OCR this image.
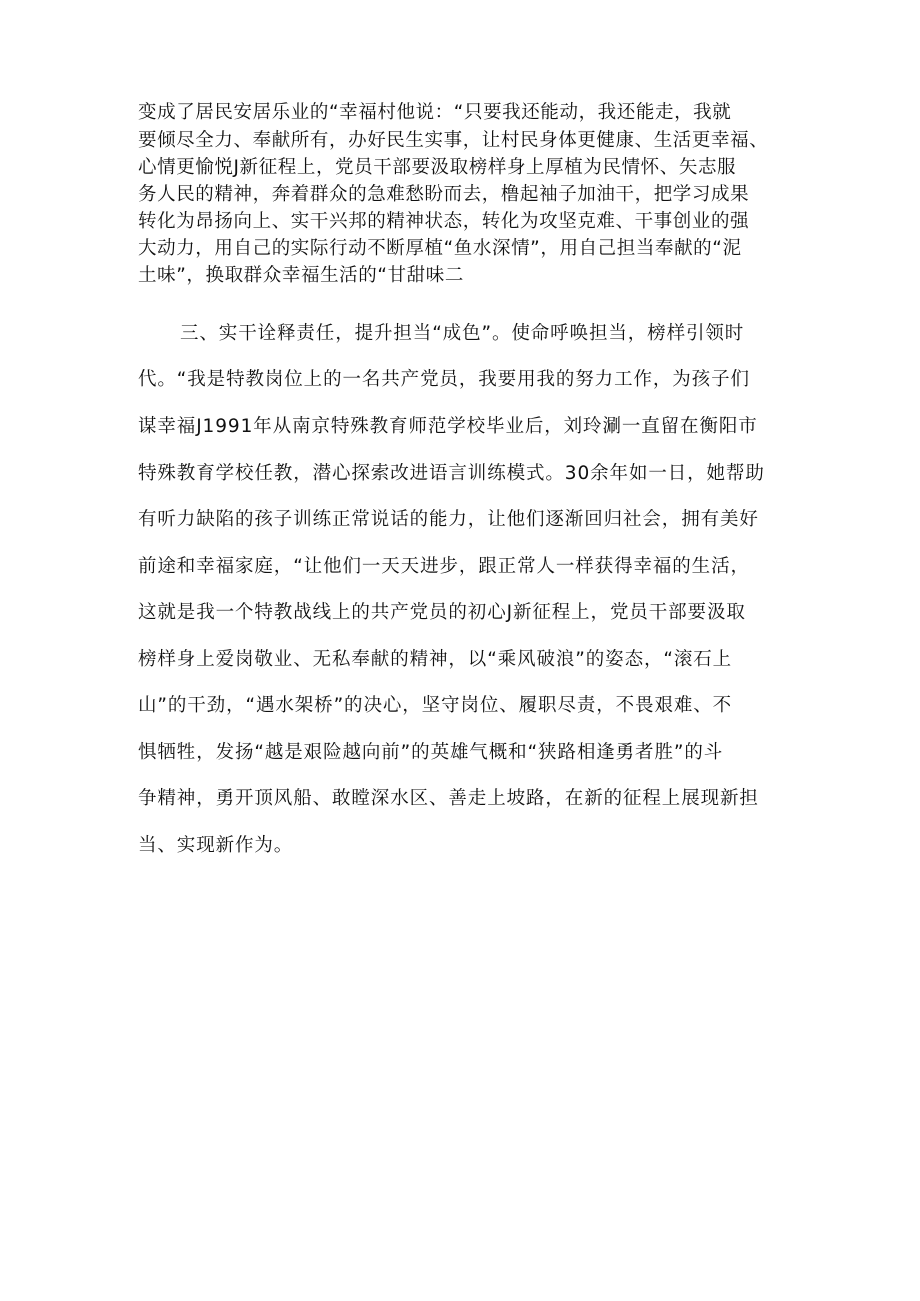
变成了居民安居乐业的“幸福村他说：“只要我还能动，我还能走，我就
要倾尽全力、奉献所有，办好民生实事，让村民身体更健康、生活更幸福、
心情更愉悦J新征程上，党员干部要汲取榜样身上厚植为民情怀、矢志服
务人民的精神，奔着群众的急难愁盼而去，橹起袖子加油干，把学习成果
转化为昂扬向上、实干兴邦的精神状态，转化为攻坚克难、干事创业的强
大动力，用自己的实际行动不断厚植“鱼水深情”，用自己担当奉献的“泥
土味”，换取群众幸福生活的“甘甜味二
三、实干诠释责任，提升担当“成色”。使命呼唤担当，榜样引领时
代。“我是特教岗位上的一名共产党员，我要用我的努力工作，为孩子们
谋幸福J1991年从南京特殊教育师范学校毕业后，刘玲涮一直留在衡阳市
特殊教育学校任教，潜心探索改进语言训练模式。30余年如一日，她帮助
有听力缺陷的孩子训练正常说话的能力，让他们逐渐回归社会，拥有美好
前途和幸福家庭，“让他们一天天进步，跟正常人一样获得幸福的生活，
这就是我一个特教战线上的共产党员的初心J新征程上，党员干部要汲取
榜样身上爱岗敬业、无私奉献的精神，以“乘风破浪”的姿态，“滚石上
山”的干劲，“遇水架桥”的决心，坚守岗位、履职尽责，不畏艰难、不
惧牺牲，发扬“越是艰险越向前”的英雄气概和“狭路相逢勇者胜”的斗
争精神，勇开顶风船、敢瞠深水区、善走上坡路，在新的征程上展现新担
当、实现新作为。
